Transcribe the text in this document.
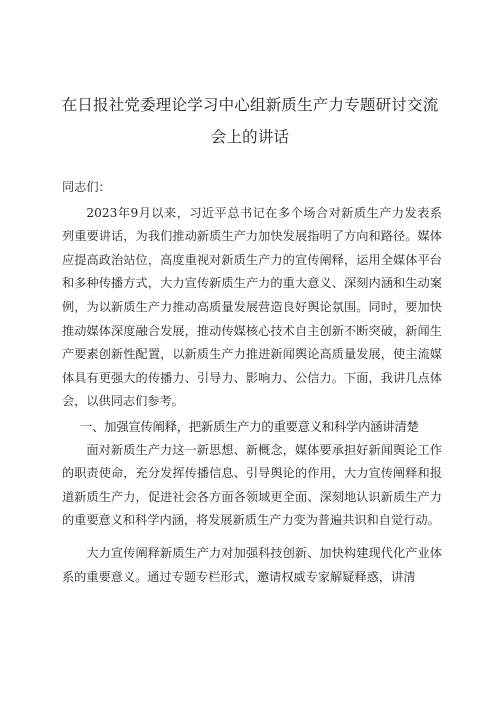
在日报社党委理论学习中心组新质生产力专题研讨交流
会上的讲话

同志们：

2023年9月以来，习近平总书记在多个场合对新质生产力发表系列重要讲话，为我们推动新质生产力加快发展指明了方向和路径。媒体应提高政治站位，高度重视对新质生产力的宣传阐释，运用全媒体平台和多种传播方式，大力宣传新质生产力的重大意义、深刻内涵和生动案例，为以新质生产力推动高质量发展营造良好舆论氛围。同时，要加快推动媒体深度融合发展，推动传媒核心技术自主创新不断突破，新闻生产要素创新性配置，以新质生产力推进新闻舆论高质量发展，使主流媒体具有更强大的传播力、引导力、影响力、公信力。下面，我讲几点体会，以供同志们参考。

一、加强宣传阐释，把新质生产力的重要意义和科学内涵讲清楚

面对新质生产力这一新思想、新概念，媒体要承担好新闻舆论工作的职责使命，充分发挥传播信息、引导舆论的作用，大力宣传阐释和报道新质生产力，促进社会各方面各领域更全面、深刻地认识新质生产力的重要意义和科学内涵，将发展新质生产力变为普遍共识和自觉行动。

大力宣传阐释新质生产力对加强科技创新、加快构建现代化产业体系的重要意义。通过专题专栏形式，邀请权威专家解疑释惑，讲清
